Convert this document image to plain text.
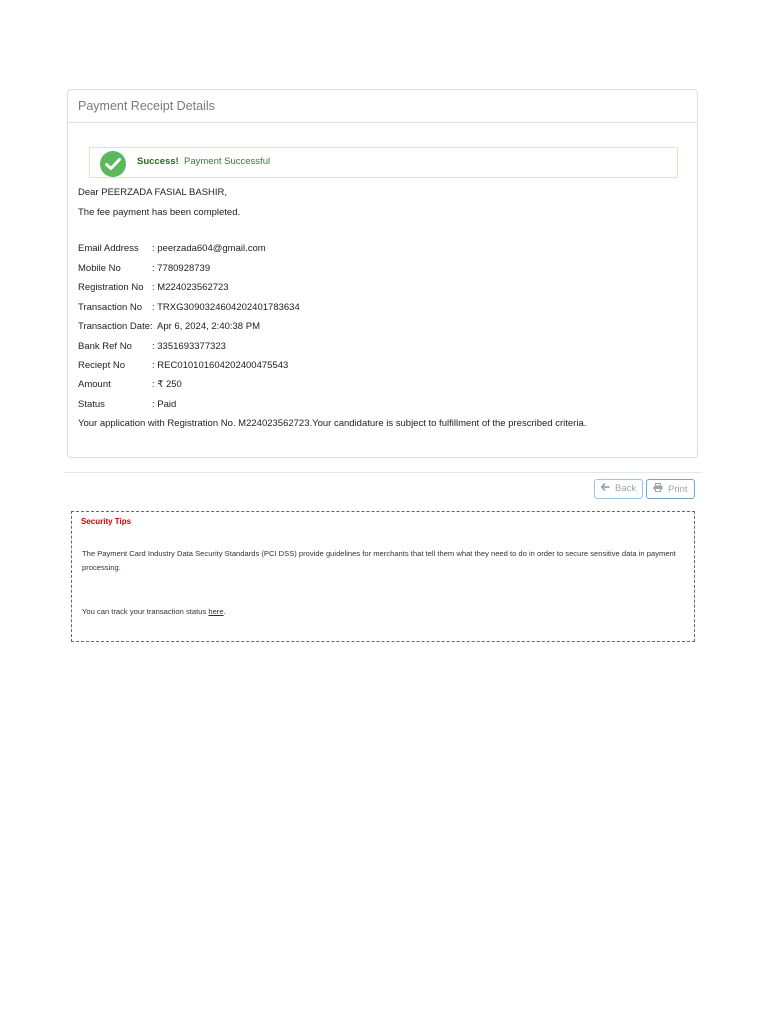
Payment Receipt Details
Success! Payment Successful
Dear PEERZADA FASIAL BASHIR,
The fee payment has been completed.
Email Address : peerzada604@gmail.com
Mobile No	: 7780928739
Registration No : M224023562723
Transaction No : TRXG3090324604202401783634
Transaction Date: Apr 6, 2024, 2:40:38 PM
Bank Ref No : 3351693377323
Reciept No	: REC010101604202400475543
Amount	: ₹ 250
Status	: Paid
Your application with Registration No. M224023562723.Your candidature is subject to fulfillment of the prescribed criteria.
Back	Print
Security Tips
The Payment Card Industry Data Security Standards (PCI DSS) provide guidelines for merchants that tell them what they need to do in order to secure sensitive data in payment processing.
You can track your transaction status here.
